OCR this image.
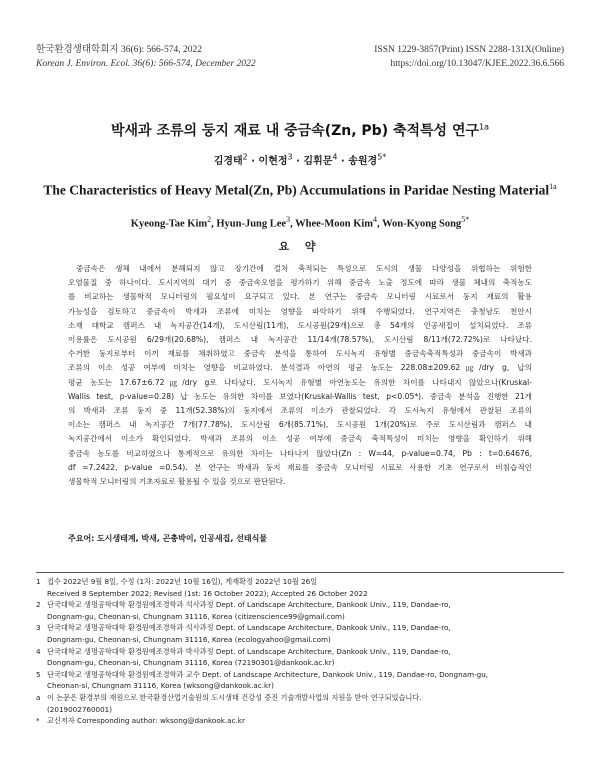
한국환경생태학회지 36(6): 566-574, 2022
Korean J. Environ. Ecol. 36(6): 566-574, December 2022
ISSN 1229-3857(Print) ISSN 2288-131X(Online)
https://doi.org/10.13047/KJEE.2022.36.6.566
박새과 조류의 둥지 재료 내 중금속(Zn, Pb) 축적특성 연구$^{1a}$
김경태$^2$ · 이현정$^3$ · 김휘문$^4$ · 송원경$^{5*}$
The Characteristics of Heavy Metal(Zn, Pb) Accumulations in Paridae Nesting Material$^{1a}$
Kyeong-Tae Kim$^2$, Hyun-Jung Lee$^3$, Whee-Moon Kim$^4$, Won-Kyong Song$^{5*}$
요 약
중금속은 생체 내에서 분해되지 않고 장기간에 걸쳐 축적되는 특성으로 도시의 생물 다양성을 위협하는 위험한
오염물질 중 하나이다. 도시지역의 대기 중 중금속오염을 평가하기 위해 중금속 노출 정도에 따라 생물 체내의 축적농도
를 비교하는 생물학적 모니터링의 필요성이 요구되고 있다. 본 연구는 중금속 모니터링 시료로서 둥지 재료의 활용
가능성을 검토하고 중금속이 박새과 조류에 미치는 영향을 파악하기 위해 수행되었다. 연구지역은 충청남도 천안시
소재 대학교 캠퍼스 내 녹지공간(14개), 도시산림(11개), 도시공원(29개)으로 총 54개의 인공새집이 설치되었다. 조류
이용률은 도시공원 6/29개(20.68%), 캠퍼스 내 녹지공간 11/14개(78.57%), 도시산림 8/11개(72.72%)로 나타났다.
수거한 둥지로부터 이끼 재료를 채취하였고 중금속 분석을 통하여 도시녹지 유형별 중금속축적특성과 중금속이 박새과
조류의 이소 성공 여부에 미치는 영향을 비교하였다. 분석결과 아연의 평균 농도는 228.08±209.62㎍/dry g, 납의
평균 농도는 17.67±6.72㎍/dry g로 나타났다. 도시녹지 유형별 아연농도는 유의한 차이를 나타내지 않았으나(Kruskal-
Wallis test, p-value=0.28) 납 농도는 유의한 차이를 보였다(Kruskal-Wallis test, p<0.05*). 중금속 분석을 진행한 21개
의 박새과 조류 둥지 중 11개(52.38%)의 둥지에서 조류의 이소가 관찰되었다. 각 도시녹지 유형에서 관찰된 조류의
이소는 캠퍼스 내 녹지공간 7개(77.78%), 도시산림 6개(85.71%), 도시공원 1개(20%)로 주로 도시산림과 캠퍼스 내
녹지공간에서 이소가 확인되었다. 박새과 조류의 이소 성공 여부에 중금속 축적특성이 미치는 영향을 확인하기 위해
중금속 농도를 비교하였으나 통계적으로 유의한 차이는 나타나지 않았다(Zn : W=44, p-value=0.74, Pb : t=0.64676,
df =7.2422, p-value =0.54). 본 연구는 박새과 둥지 재료를 중금속 모니터링 시료로 사용한 기초 연구로서 비침습적인
생물학적 모니터링의 기초자료로 활용될 수 있을 것으로 판단된다.
주요어: 도시생태계, 박새, 곤충박이, 인공새집, 선태식물
1 접수 2022년 9월 8일, 수정 (1차: 2022년 10월 16일), 게재확정 2022년 10월 26일
Received 8 September 2022; Revised (1st: 16 October 2022); Accepted 26 October 2022
2 단국대학교 생명공학대학 환경원예조경학과 석사과정 Dept. of Landscape Architecture, Dankook Univ., 119, Dandae-ro,
Dongnam-gu, Cheonan-si, Chungnam 31116, Korea (citizenscience99@gmail.com)
3 단국대학교 생명공학대학 환경원예조경학과 석사과정 Dept. of Landscape Architecture, Dankook Univ., 119, Dandae-ro,
Dongnam-gu, Cheonan-si, Chungnam 31116, Korea (ecologyahoo@gmail.com)
4 단국대학교 생명공학대학 환경원예조경학과 박사과정 Dept. of Landscape Architecture, Dankook Univ., 119, Dandae-ro,
Dongnam-gu, Cheonan-si, Chungnam 31116, Korea (72190301@dankook.ac.kr)
5 단국대학교 생명공학대학 환경원예조경학과 교수 Dept. of Landscape Architecture, Dankook Univ., 119, Dandae-ro, Dongnam-gu,
Cheonan-si, Chungnam 31116, Korea (wksong@dankook.ac.kr)
a 이 논문은 환경부의 재원으로 한국환경산업기술원의 도시생태 건강성 증진 기술개발사업의 지원을 받아 연구되었습니다.
(2019002760001)
* 교신저자 Corresponding author: wksong@dankook.ac.kr
